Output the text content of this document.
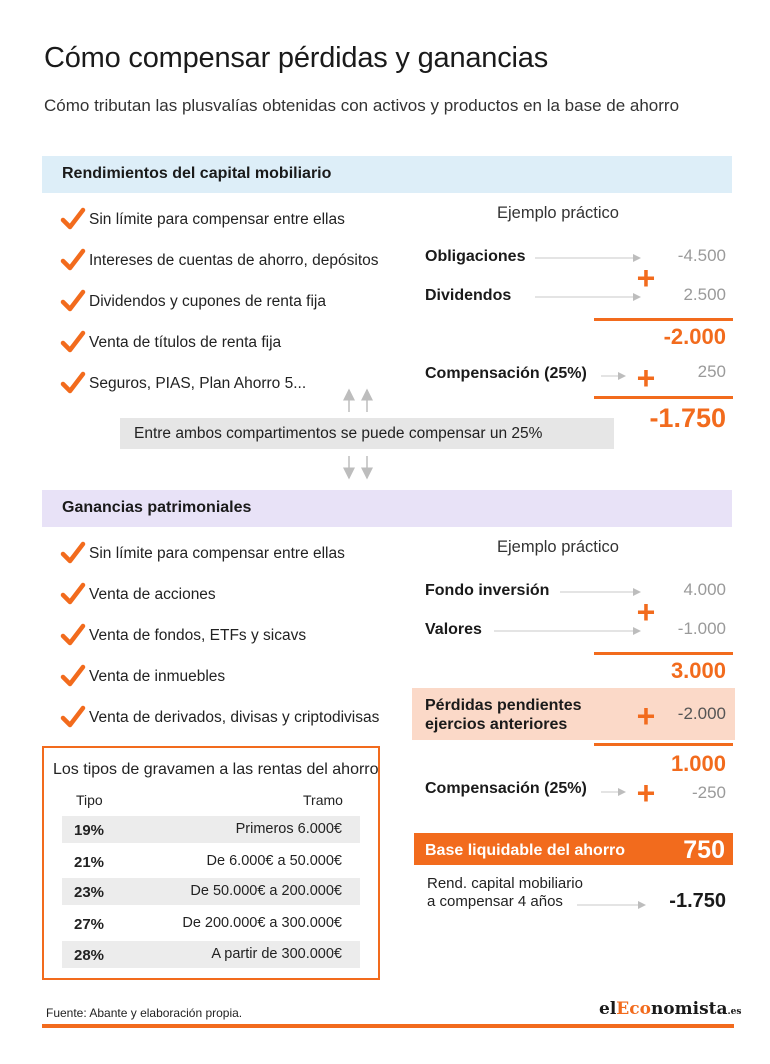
Cómo compensar pérdidas y ganancias
Cómo tributan las plusvalías obtenidas con activos y productos en la base de ahorro
Rendimientos del capital mobiliario
Sin límite para compensar entre ellas
Intereses de cuentas de ahorro, depósitos
Dividendos y cupones de renta fija
Venta de títulos de renta fija
Seguros, PIAS, Plan Ahorro 5...
Ejemplo práctico
Obligaciones	-4.500
+
Dividendos	2.500
-2.000
Compensación (25%) +	250
-1.750
Entre ambos compartimentos se puede compensar un 25%
Ganancias patrimoniales
Sin límite para compensar entre ellas
Venta de acciones
Venta de fondos, ETFs y sicavs
Venta de inmuebles
Venta de derivados, divisas y criptodivisas
Ejemplo práctico
Fondo inversión	4.000
+
Valores	-1.000
3.000
Pérdidas pendientes
ejercios anteriores +	-2.000
1.000
Compensación (25%) +	-250
Base liquidable del ahorro	750
Rend. capital mobiliario
a compensar 4 años	-1.750
Los tipos de gravamen a las rentas del ahorro
Tipo	Tramo
19%	Primeros 6.000€
21%	De 6.000€ a 50.000€
23%	De 50.000€ a 200.000€
27%	De 200.000€ a 300.000€
28%	A partir de 300.000€
Fuente: Abante y elaboración propia.	elEconomista.es
